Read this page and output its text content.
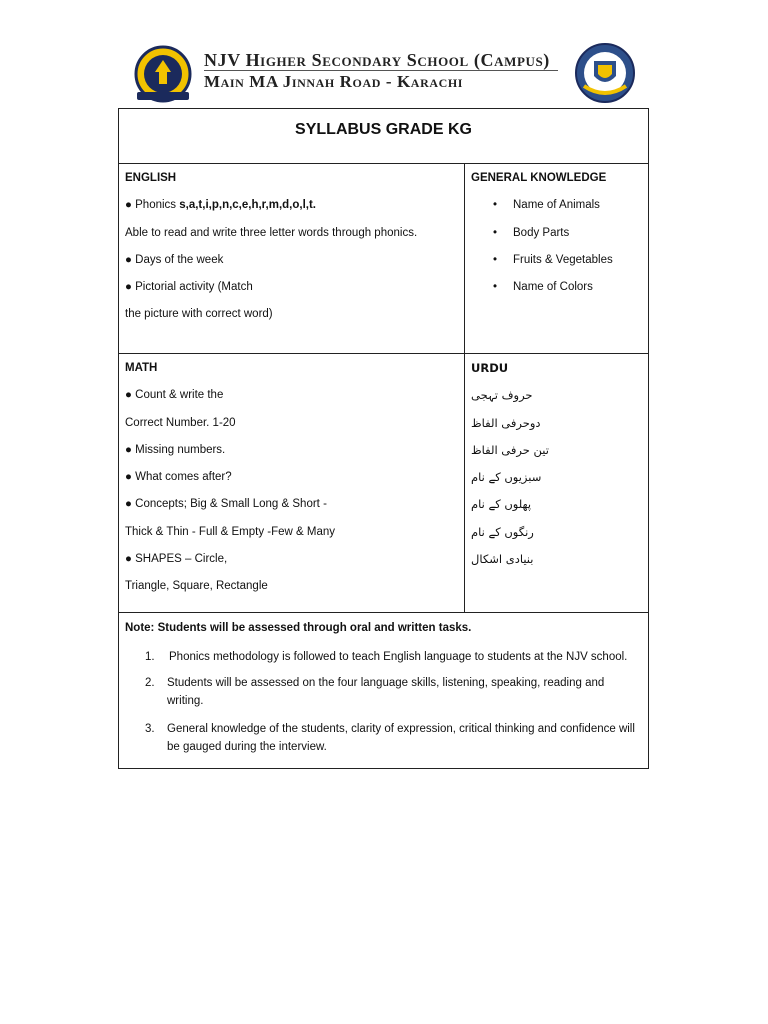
NJV Higher Secondary School (Campus)
Main MA Jinnah Road - Karachi
SYLLABUS GRADE KG
ENGLISH
● Phonics s,a,t,i,p,n,c,e,h,r,m,d,o,l,t.
Able to read and write three letter words through phonics.
● Days of the week
● Pictorial activity (Match
the picture with correct word)
GENERAL KNOWLEDGE
• Name of Animals
• Body Parts
• Fruits & Vegetables
• Name of Colors
MATH
● Count & write the
Correct Number. 1-20
● Missing numbers.
● What comes after?
● Concepts; Big & Small Long & Short -
Thick & Thin - Full & Empty -Few & Many
● SHAPES – Circle,
Triangle, Square, Rectangle
URDU
حروف تہجی
دوحرفی الفاظ
تین حرفی الفاظ
سبزیوں کے نام
پھلوں کے نام
رنگوں کے نام
بنیادی اشکال
Note: Students will be assessed through oral and written tasks.
1. Phonics methodology is followed to teach English language to students at the NJV school.
2. Students will be assessed on the four language skills, listening, speaking, reading and writing.
3. General knowledge of the students, clarity of expression, critical thinking and confidence will be gauged during the interview.
